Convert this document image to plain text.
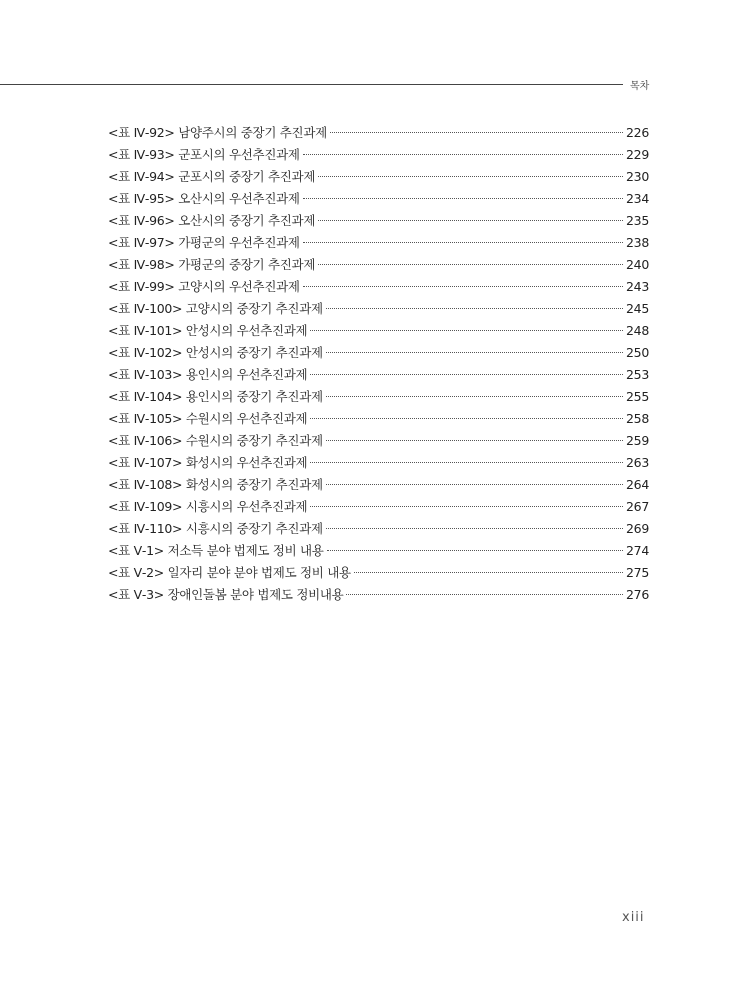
목차
<표 Ⅳ-92> 남양주시의 중장기 추진과제	226
<표 Ⅳ-93> 군포시의 우선추진과제	229
<표 Ⅳ-94> 군포시의 중장기 추진과제	230
<표 Ⅳ-95> 오산시의 우선추진과제	234
<표 Ⅳ-96> 오산시의 중장기 추진과제	235
<표 Ⅳ-97> 가평군의 우선추진과제	238
<표 Ⅳ-98> 가평군의 중장기 추진과제	240
<표 Ⅳ-99> 고양시의 우선추진과제	243
<표 Ⅳ-100> 고양시의 중장기 추진과제	245
<표 Ⅳ-101> 안성시의 우선추진과제	248
<표 Ⅳ-102> 안성시의 중장기 추진과제	250
<표 Ⅳ-103> 용인시의 우선추진과제	253
<표 Ⅳ-104> 용인시의 중장기 추진과제	255
<표 Ⅳ-105> 수원시의 우선추진과제	258
<표 Ⅳ-106> 수원시의 중장기 추진과제	259
<표 Ⅳ-107> 화성시의 우선추진과제	263
<표 Ⅳ-108> 화성시의 중장기 추진과제	264
<표 Ⅳ-109> 시흥시의 우선추진과제	267
<표 Ⅳ-110> 시흥시의 중장기 추진과제	269
<표 Ⅴ-1> 저소득 분야 법제도 정비 내용	274
<표 Ⅴ-2> 일자리 분야 분야 법제도 정비 내용	275
<표 Ⅴ-3> 장애인돌봄 분야 법제도 정비내용	276
xiii
